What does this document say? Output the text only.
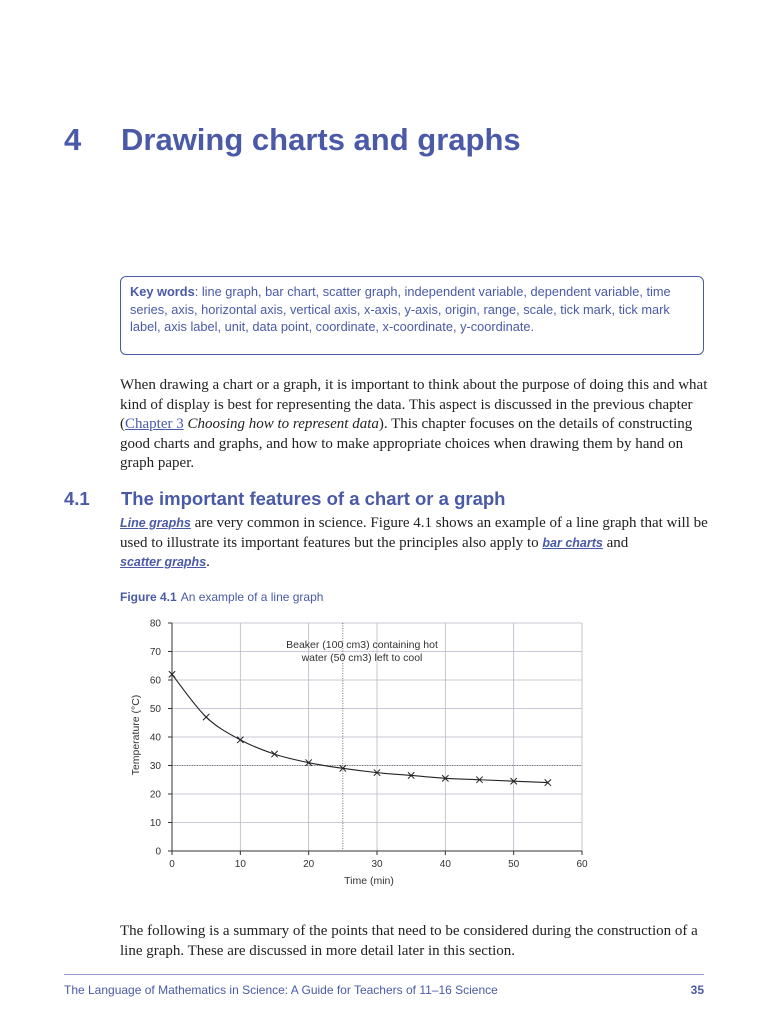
4 Drawing charts and graphs
Key words: line graph, bar chart, scatter graph, independent variable, dependent variable, time series, axis, horizontal axis, vertical axis, x-axis, y-axis, origin, range, scale, tick mark, tick mark label, axis label, unit, data point, coordinate, x-coordinate, y-coordinate.
When drawing a chart or a graph, it is important to think about the purpose of doing this and what kind of display is best for representing the data. This aspect is discussed in the previous chapter (Chapter 3 Choosing how to represent data). This chapter focuses on the details of constructing good charts and graphs, and how to make appropriate choices when drawing them by hand on graph paper.
4.1 The important features of a chart or a graph
Line graphs are very common in science. Figure 4.1 shows an example of a line graph that will be used to illustrate its important features but the principles also apply to bar charts and
scatter graphs.
Figure 4.1 An example of a line graph
0	10	20	30	40	50	60
0
10
20
30
40
50
60
70
80
Time (min)
Temperature (°C)
Beaker (100 cm3) containing hot
water (50 cm3) left to cool
The following is a summary of the points that need to be considered during the construction of a line graph. These are discussed in more detail later in this section.
The Language of Mathematics in Science: A Guide for Teachers of 11–16 Science	35
